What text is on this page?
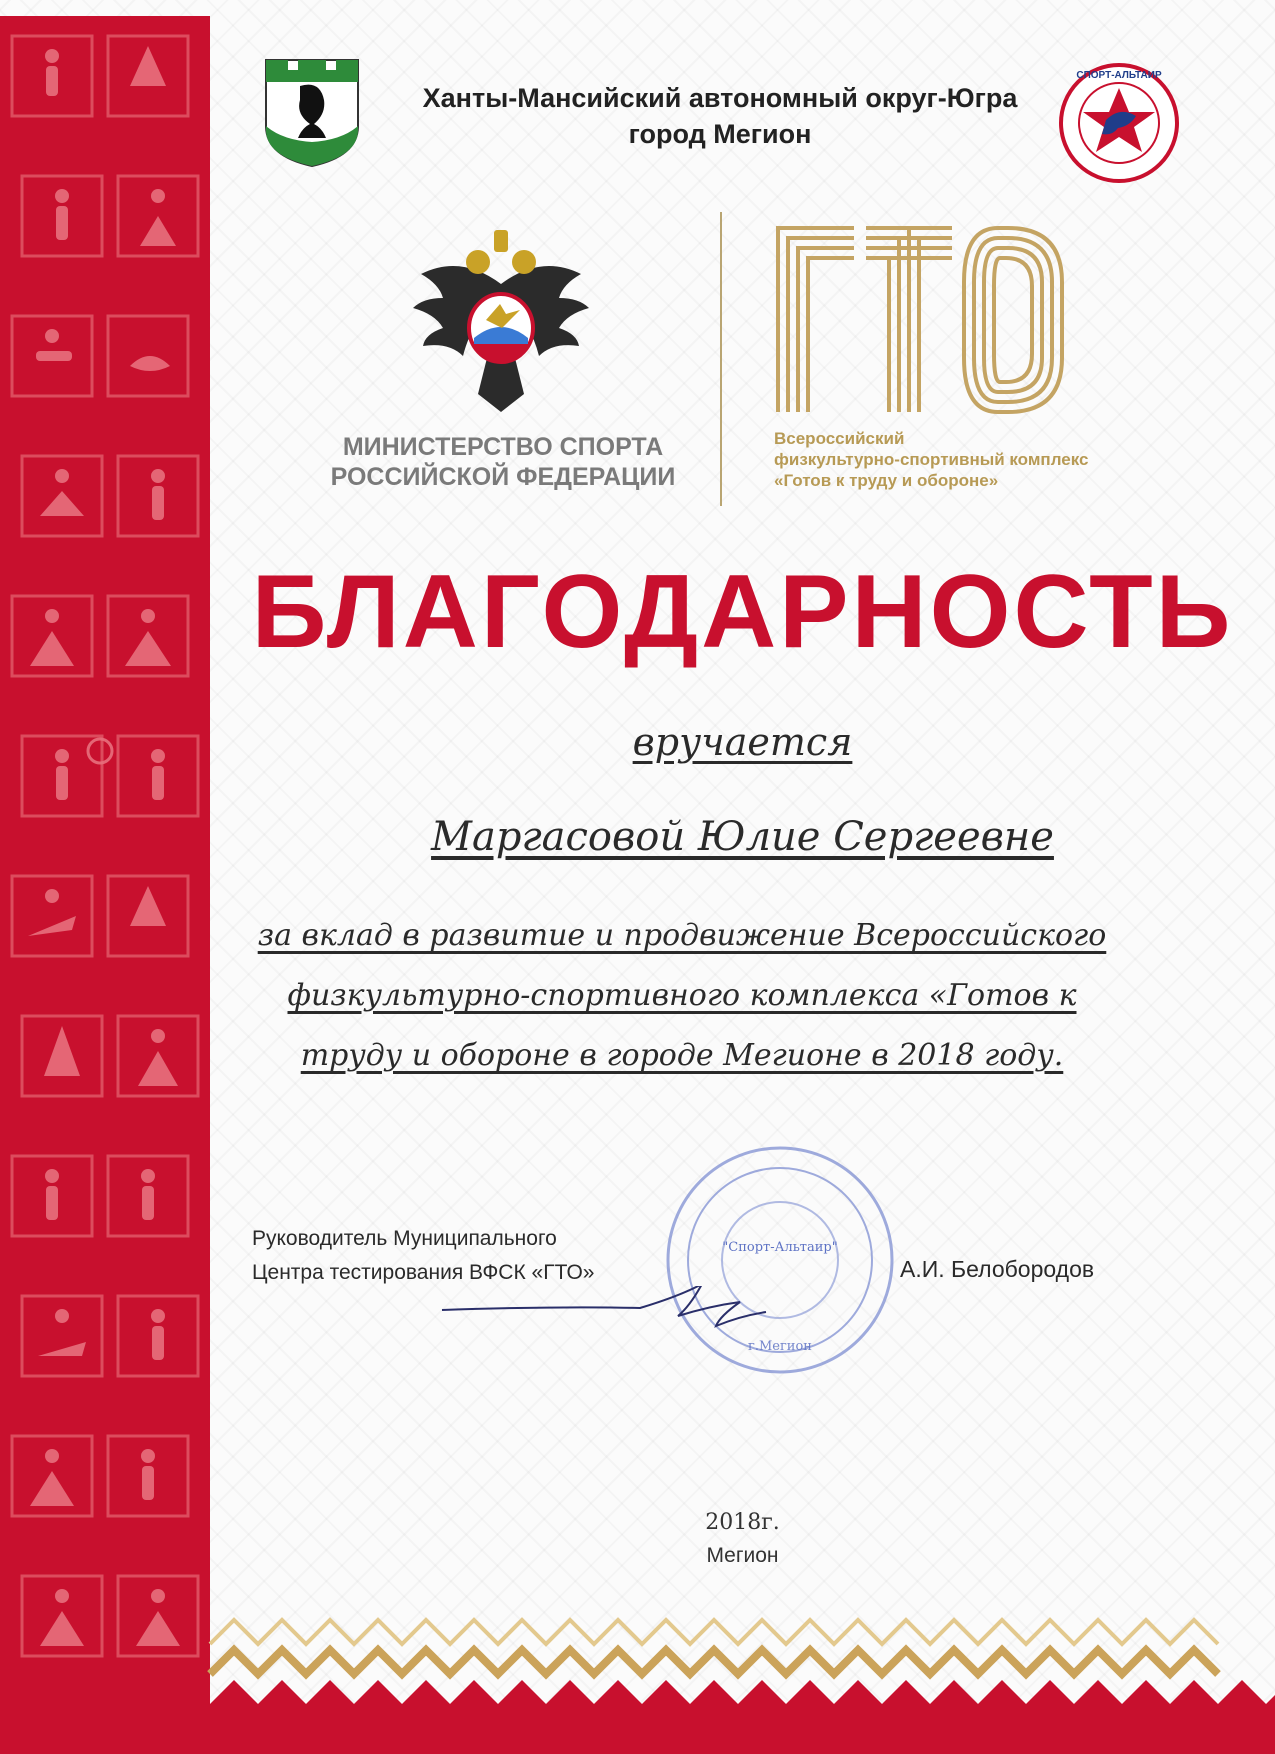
Ханты-Мансийский автономный округ-Югра
город Мегион
СПОРТ-АЛЬТАИР
МИНИСТЕРСТВО СПОРТА
РОССИЙСКОЙ ФЕДЕРАЦИИ
Всероссийский
физкультурно-спортивный комплекс
«Готов к труду и обороне»
БЛАГОДАРНОСТЬ
вручается
Маргасовой Юлие Сергеевне
за вклад в развитие и продвижение Всероссийского
физкультурно-спортивного комплекса «Готов к
труду и обороне в городе Мегионе в 2018 году.
г.Мегион
"Спорт-Альтаир"
Руководитель Муниципального
Центра тестирования ВФСК «ГТО»	А.И. Белобородов
2018г.
Мегион
